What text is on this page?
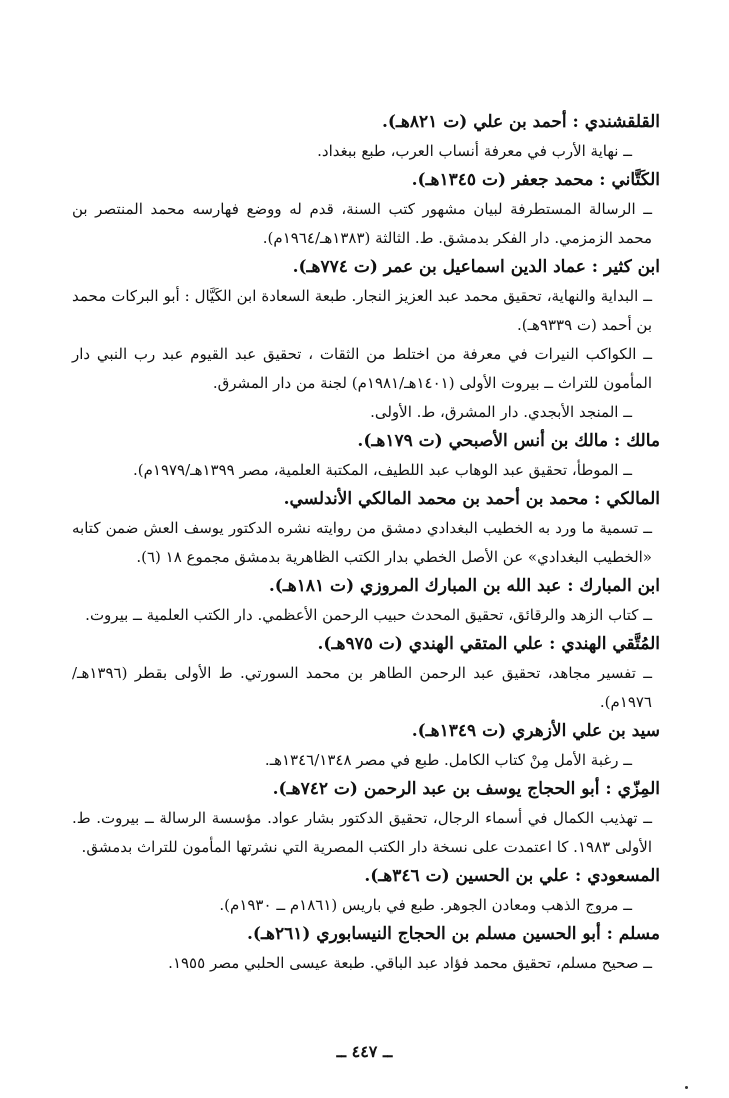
القلقشندي : أحمد بن علي (ت ٨٢١هـ).

ــ نهاية الأرب في معرفة أنساب العرب، طبع ببغداد.

الكَتَّاني : محمد جعفر (ت ١٣٤٥هـ).

ــ الرسالة المستطرفة لبيان مشهور كتب السنة، قدم له ووضع فهارسه محمد المنتصر بن محمد الزمزمي. دار الفكر بدمشق. ط. الثالثة (١٣٨٣هـ/١٩٦٤م).

ابن كثير : عماد الدين اسماعيل بن عمر (ت ٧٧٤هـ).

ــ البداية والنهاية، تحقيق محمد عبد العزيز النجار. طبعة السعادة ابن الكَيَّال : أبو البركات محمد بن أحمد (ت ٩٣٣٩هـ).

ــ الكواكب النيرات في معرفة من اختلط من الثقات ، تحقيق عبد القيوم عبد رب النبي دار المأمون للتراث ــ بيروت الأولى (١٤٠١هـ/١٩٨١م) لجنة من دار المشرق.

ــ المنجد الأبجدي. دار المشرق، ط. الأولى.

مالك : مالك بن أنس الأصبحي (ت ١٧٩هـ).

ــ الموطأ، تحقيق عبد الوهاب عبد اللطيف، المكتبة العلمية، مصر ١٣٩٩هـ/١٩٧٩م).

المالكي : محمد بن أحمد بن محمد المالكي الأندلسي.

ــ تسمية ما ورد به الخطيب البغدادي دمشق من روايته نشره الدكتور يوسف العش ضمن كتابه «الخطيب البغدادي» عن الأصل الخطي بدار الكتب الظاهرية بدمشق مجموع ١٨ (٦).

ابن المبارك : عبد الله بن المبارك المروزي (ت ١٨١هـ).

ــ كتاب الزهد والرقائق، تحقيق المحدث حبيب الرحمن الأعظمي. دار الكتب العلمية ــ بيروت.

المُتَّقي الهندي : علي المتقي الهندي (ت ٩٧٥هـ).

ــ تفسير مجاهد، تحقيق عبد الرحمن الطاهر بن محمد السورتي. ط الأولى بقطر (١٣٩٦هـ/١٩٧٦م).

سيد بن علي الأزهري (ت ١٣٤٩هـ).

ــ رغبة الأمل مِنْ كتاب الكامل. طبع في مصر ١٣٤٦/١٣٤٨هـ.

المِزّي : أبو الحجاج يوسف بن عبد الرحمن (ت ٧٤٢هـ).

ــ تهذيب الكمال في أسماء الرجال، تحقيق الدكتور بشار عواد. مؤسسة الرسالة ــ بيروت. ط. الأولى ١٩٨٣. كا اعتمدت على نسخة دار الكتب المصرية التي نشرتها المأمون للتراث بدمشق.

المسعودي : علي بن الحسين (ت ٣٤٦هـ).

ــ مروج الذهب ومعادن الجوهر. طبع في باريس (١٨٦١م ــ ١٩٣٠م).

مسلم : أبو الحسين مسلم بن الحجاج النيسابوري (٢٦١هـ).

ــ صحيح مسلم، تحقيق محمد فؤاد عبد الباقي. طبعة عيسى الحلبي مصر ١٩٥٥.

ــ ٤٤٧ ــ
